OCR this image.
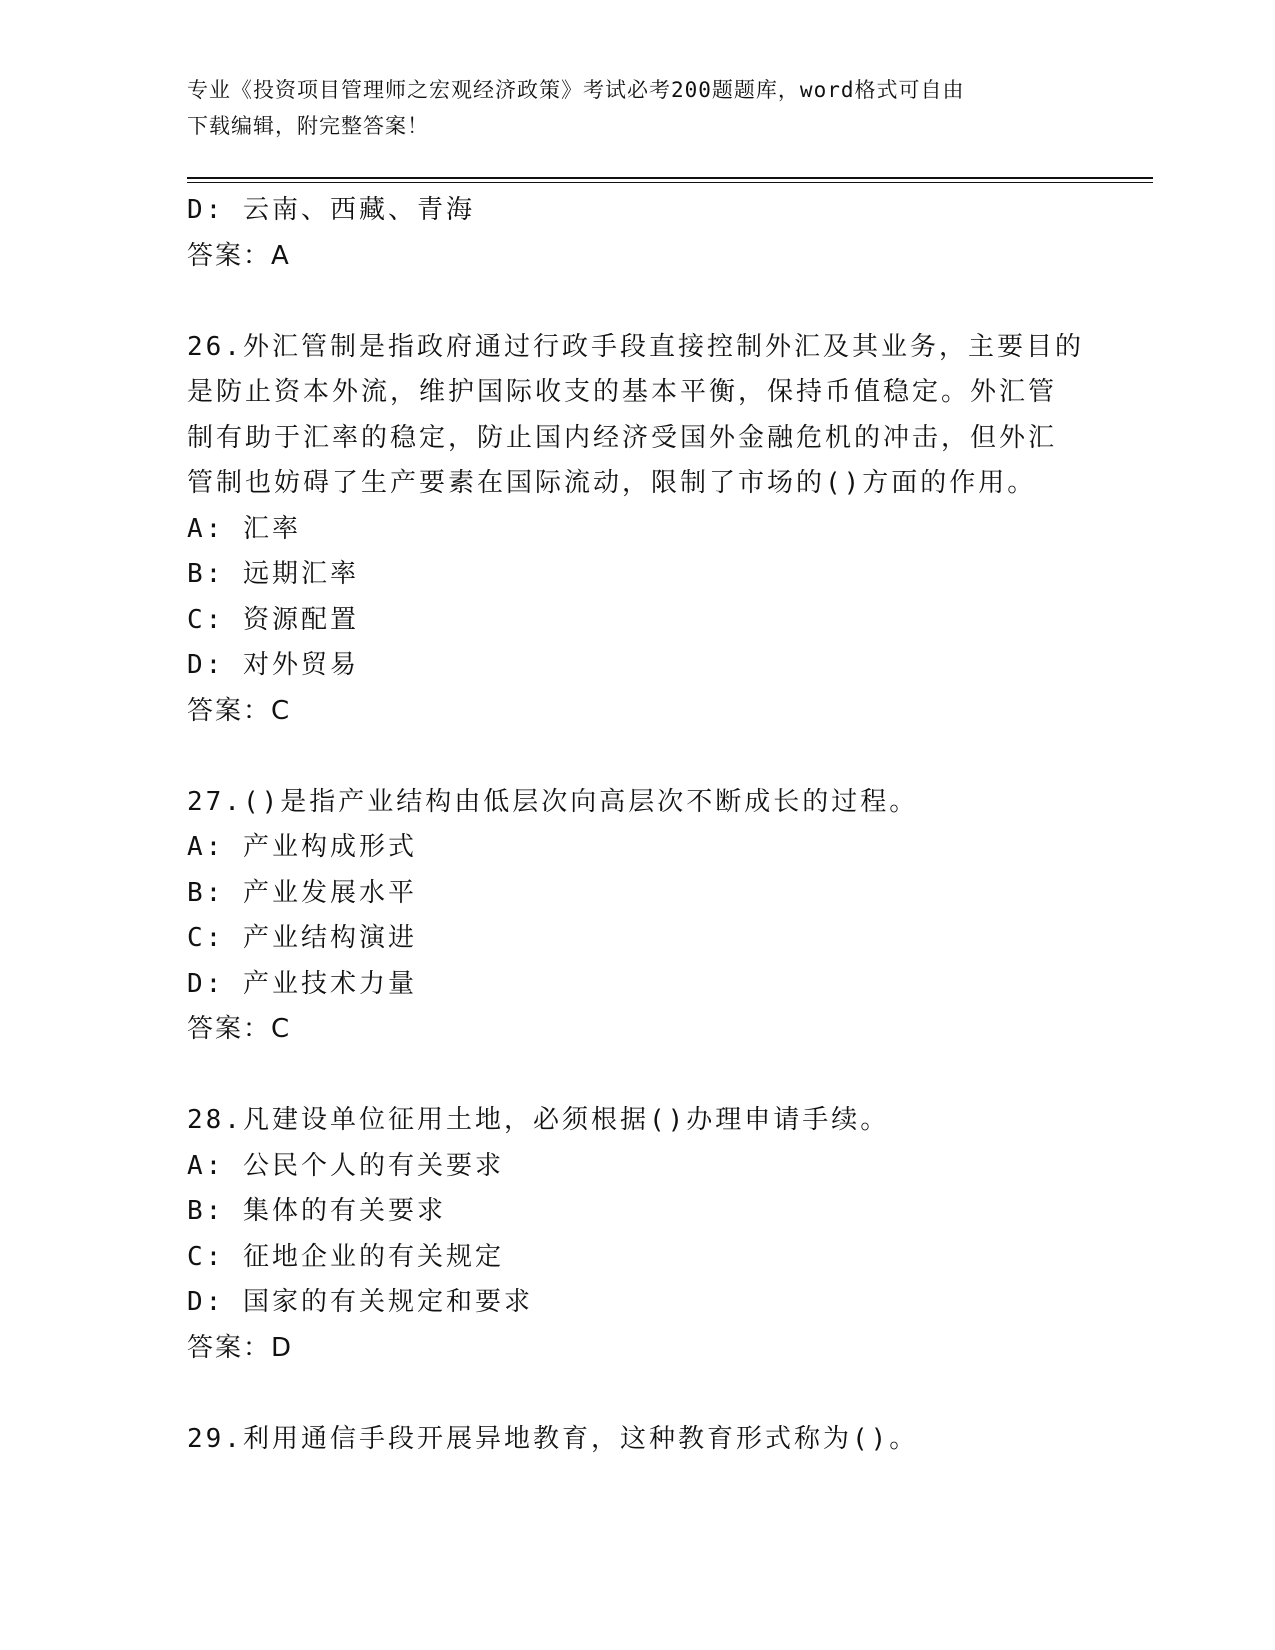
专业《投资项目管理师之宏观经济政策》考试必考200题题库，word格式可自由
下载编辑，附完整答案！
D: 云南、西藏、青海
答案：A
26.外汇管制是指政府通过行政手段直接控制外汇及其业务，主要目的
是防止资本外流，维护国际收支的基本平衡，保持币值稳定。外汇管
制有助于汇率的稳定，防止国内经济受国外金融危机的冲击，但外汇
管制也妨碍了生产要素在国际流动，限制了市场的()方面的作用。
A: 汇率
B: 远期汇率
C: 资源配置
D: 对外贸易
答案：C
27.()是指产业结构由低层次向高层次不断成长的过程。
A: 产业构成形式
B: 产业发展水平
C: 产业结构演进
D: 产业技术力量
答案：C
28.凡建设单位征用土地，必须根据()办理申请手续。
A: 公民个人的有关要求
B: 集体的有关要求
C: 征地企业的有关规定
D: 国家的有关规定和要求
答案：D
29.利用通信手段开展异地教育，这种教育形式称为()。
